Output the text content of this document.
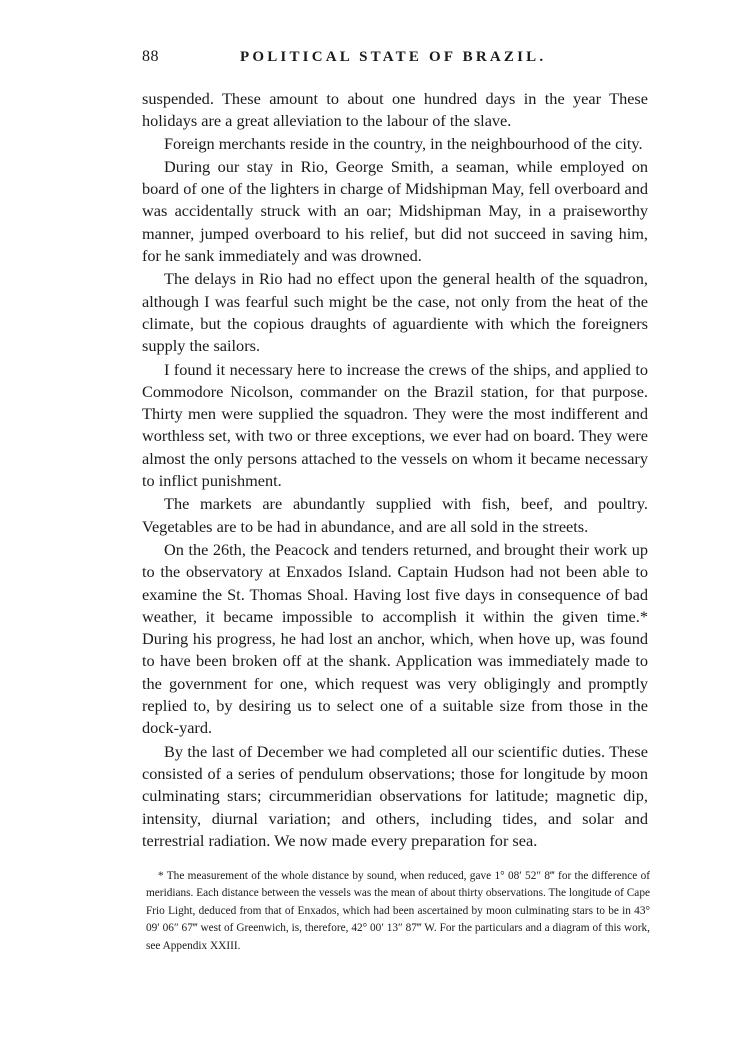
88	POLITICAL STATE OF BRAZIL.

suspended. These amount to about one hundred days in the year These holidays are a great alleviation to the labour of the slave.

Foreign merchants reside in the country, in the neighbourhood of the city.

During our stay in Rio, George Smith, a seaman, while employed on board of one of the lighters in charge of Midshipman May, fell overboard and was accidentally struck with an oar; Midshipman May, in a praiseworthy manner, jumped overboard to his relief, but did not succeed in saving him, for he sank immediately and was drowned.

The delays in Rio had no effect upon the general health of the squadron, although I was fearful such might be the case, not only from the heat of the climate, but the copious draughts of aguardiente with which the foreigners supply the sailors.

I found it necessary here to increase the crews of the ships, and applied to Commodore Nicolson, commander on the Brazil station, for that purpose. Thirty men were supplied the squadron. They were the most indifferent and worthless set, with two or three exceptions, we ever had on board. They were almost the only persons attached to the vessels on whom it became necessary to inflict punishment.

The markets are abundantly supplied with fish, beef, and poultry. Vegetables are to be had in abundance, and are all sold in the streets.

On the 26th, the Peacock and tenders returned, and brought their work up to the observatory at Enxados Island. Captain Hudson had not been able to examine the St. Thomas Shoal. Having lost five days in consequence of bad weather, it became impossible to accomplish it within the given time.* During his progress, he had lost an anchor, which, when hove up, was found to have been broken off at the shank. Application was immediately made to the government for one, which request was very obligingly and promptly replied to, by desiring us to select one of a suitable size from those in the dock-yard.

By the last of December we had completed all our scientific duties. These consisted of a series of pendulum observations; those for longitude by moon culminating stars; circummeridian observations for latitude; magnetic dip, intensity, diurnal variation; and others, including tides, and solar and terrestrial radiation. We now made every preparation for sea.

* The measurement of the whole distance by sound, when reduced, gave 1° 08′ 52″ 8‴ for the difference of meridians. Each distance between the vessels was the mean of about thirty observations. The longitude of Cape Frio Light, deduced from that of Enxados, which had been ascertained by moon culminating stars to be in 43° 09′ 06″ 67‴ west of Greenwich, is, therefore, 42° 00′ 13″ 87‴ W. For the particulars and a diagram of this work, see Appendix XXIII.
